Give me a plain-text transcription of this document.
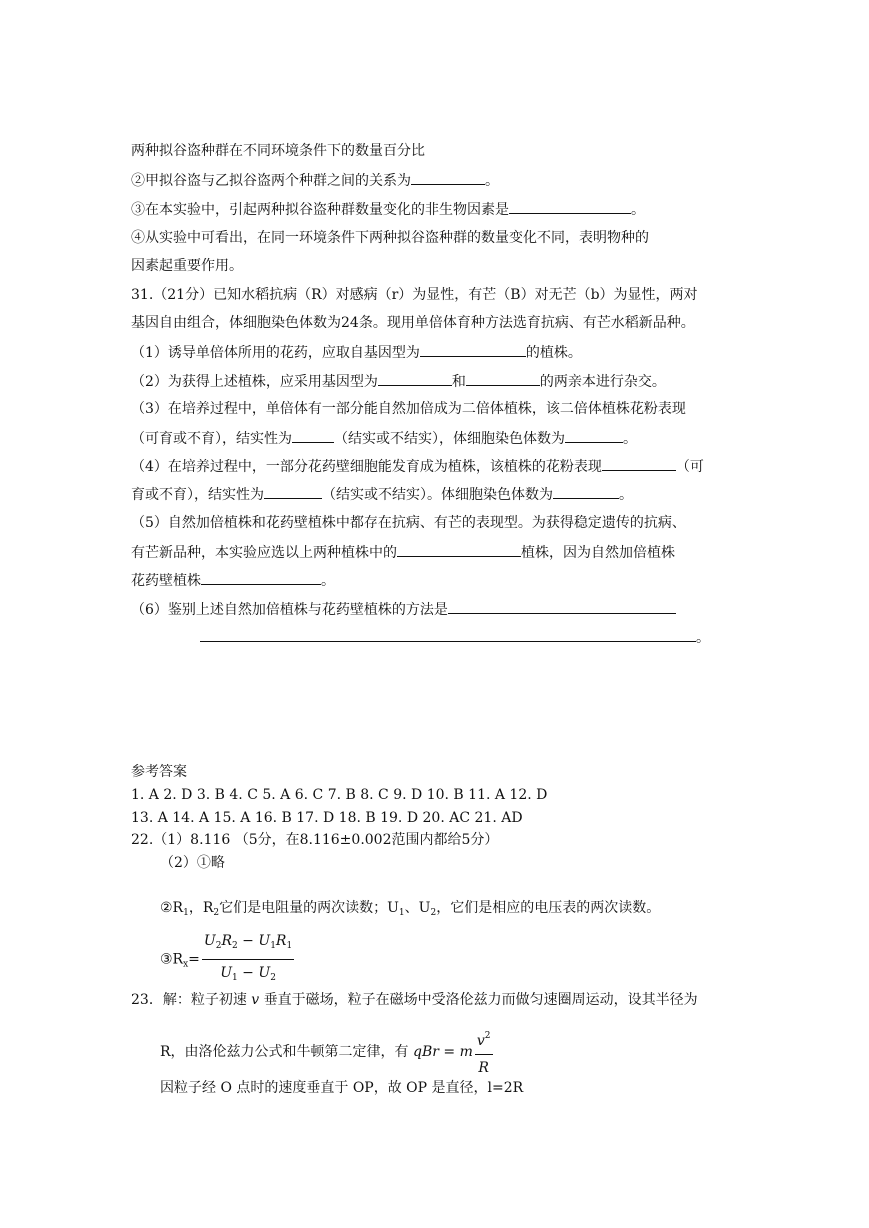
两种拟谷盗种群在不同环境条件下的数量百分比
②甲拟谷盗与乙拟谷盗两个种群之间的关系为	。
③在本实验中，引起两种拟谷盗种群数量变化的非生物因素是	。
④从实验中可看出，在同一环境条件下两种拟谷盗种群的数量变化不同，表明物种的
因素起重要作用。
31.（21分）已知水稻抗病（R）对感病（r）为显性，有芒（B）对无芒（b）为显性，两对
基因自由组合，体细胞染色体数为24条。现用单倍体育种方法选育抗病、有芒水稻新品种。
（1）诱导单倍体所用的花药，应取自基因型为	的植株。
（2）为获得上述植株，应采用基因型为	和	的两亲本进行杂交。
（3）在培养过程中，单倍体有一部分能自然加倍成为二倍体植株，该二倍体植株花粉表现
（可育或不育），结实性为	（结实或不结实），体细胞染色体数为	。
（4）在培养过程中，一部分花药壁细胞能发育成为植株，该植株的花粉表现	（可
育或不育），结实性为	（结实或不结实）。体细胞染色体数为	。
（5）自然加倍植株和花药壁植株中都存在抗病、有芒的表现型。为获得稳定遗传的抗病、
有芒新品种，本实验应选以上两种植株中的	植株，因为自然加倍植株
花药壁植株	。
（6）鉴别上述自然加倍植株与花药壁植株的方法是
。
参考答案
1. A 2. D 3. B 4. C 5. A 6. C 7. B 8. C 9. D 10. B 11. A 12. D
13. A 14. A 15. A 16. B 17. D 18. B 19. D 20. AC 21. AD
22.（1）8.116 （5分，在8.116±0.002范围内都给5分）
（2）①略
$②R_1$，$R_2$它们是电阻量的两次读数；$U_1$、$U_2$，它们是相应的电压表的两次读数。
$③R_x= \frac{U_2R_2 - U_1R_1}{U_1 - U_2}$
23．解：粒子初速 v 垂直于磁场，粒子在磁场中受洛伦兹力而做匀速圈周运动，设其半径为
R，由洛伦兹力公式和牛顿第二定律，有 qBr = m $\frac{v^2}{R}$
因粒子经 O 点时的速度垂直于 OP，故 OP 是直径，l=2R
